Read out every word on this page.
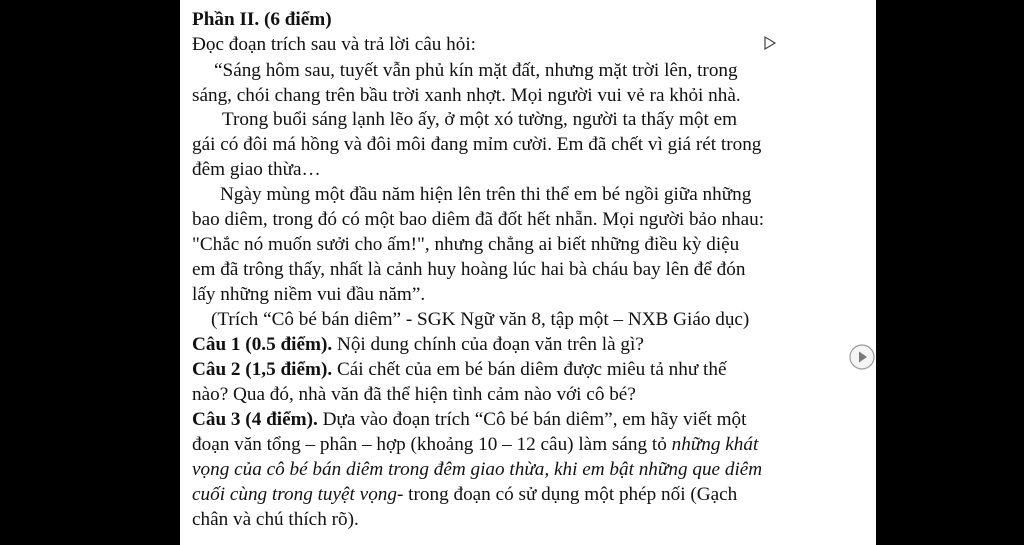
Phần II. (6 điểm)

Đọc đoạn trích sau và trả lời câu hỏi:

“Sáng hôm sau, tuyết vẫn phủ kín mặt đất, nhưng mặt trời lên, trong

sáng, chói chang trên bầu trời xanh nhợt. Mọi người vui vẻ ra khỏi nhà.

Trong buổi sáng lạnh lẽo ấy, ở một xó tường, người ta thấy một em

gái có đôi má hồng và đôi môi đang mỉm cười. Em đã chết vì giá rét trong

đêm giao thừa…

Ngày mùng một đầu năm hiện lên trên thi thể em bé ngồi giữa những

bao diêm, trong đó có một bao diêm đã đốt hết nhẵn. Mọi người bảo nhau:

"Chắc nó muốn sưởi cho ấm!", nhưng chẳng ai biết những điều kỳ diệu

em đã trông thấy, nhất là cảnh huy hoàng lúc hai bà cháu bay lên để đón

lấy những niềm vui đầu năm”.

(Trích “Cô bé bán diêm” - SGK Ngữ văn 8, tập một – NXB Giáo dục)

Câu 1 (0.5 điểm). Nội dung chính của đoạn văn trên là gì?

Câu 2 (1,5 điểm). Cái chết của em bé bán diêm được miêu tả như thế

nào? Qua đó, nhà văn đã thể hiện tình cảm nào với cô bé?

Câu 3 (4 điểm). Dựa vào đoạn trích “Cô bé bán diêm”, em hãy viết một

đoạn văn tổng – phân – hợp (khoảng 10 – 12 câu) làm sáng tỏ những khát

vọng của cô bé bán diêm trong đêm giao thừa, khi em bật những que diêm

cuối cùng trong tuyệt vọng- trong đoạn có sử dụng một phép nối (Gạch

chân và chú thích rõ).
